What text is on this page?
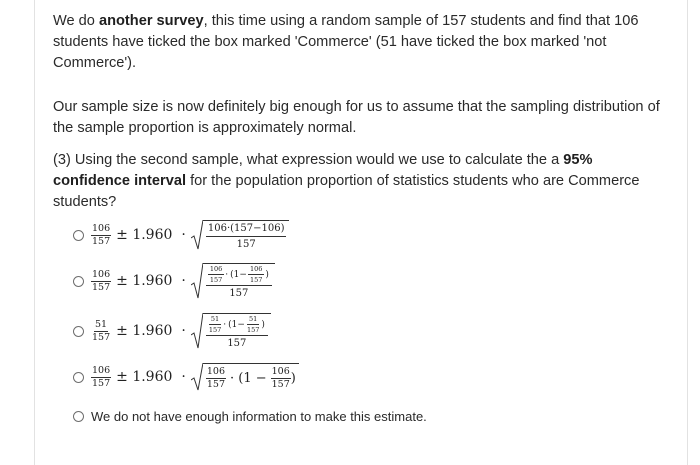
We do another survey, this time using a random sample of 157 students and find that 106 students have ticked the box marked 'Commerce' (51 have ticked the box marked 'not Commerce').
Our sample size is now definitely big enough for us to assume that the sampling distribution of the sample proportion is approximately normal.
(3) Using the second sample, what expression would we use to calculate the a 95% confidence interval for the population proportion of statistics students who are Commerce students?
$\frac{106}{157} \pm 1.960 \cdot 106\cdot(157-106)$
157
$\frac{106}{157} \pm 1.960$ ·	$\frac{106}{157} \cdot (1- \frac{106}{157}$ )
157
$\frac{51}{157} \pm 1.960$ ·	$\frac{51}{157} \cdot (1- \frac{51}{157}$ )
157
$\frac{106}{157} \pm 1.960 \cdot \frac{106}{157} \cdot (1 - \frac{106}{157}$ )
We do not have enough information to make this estimate.
